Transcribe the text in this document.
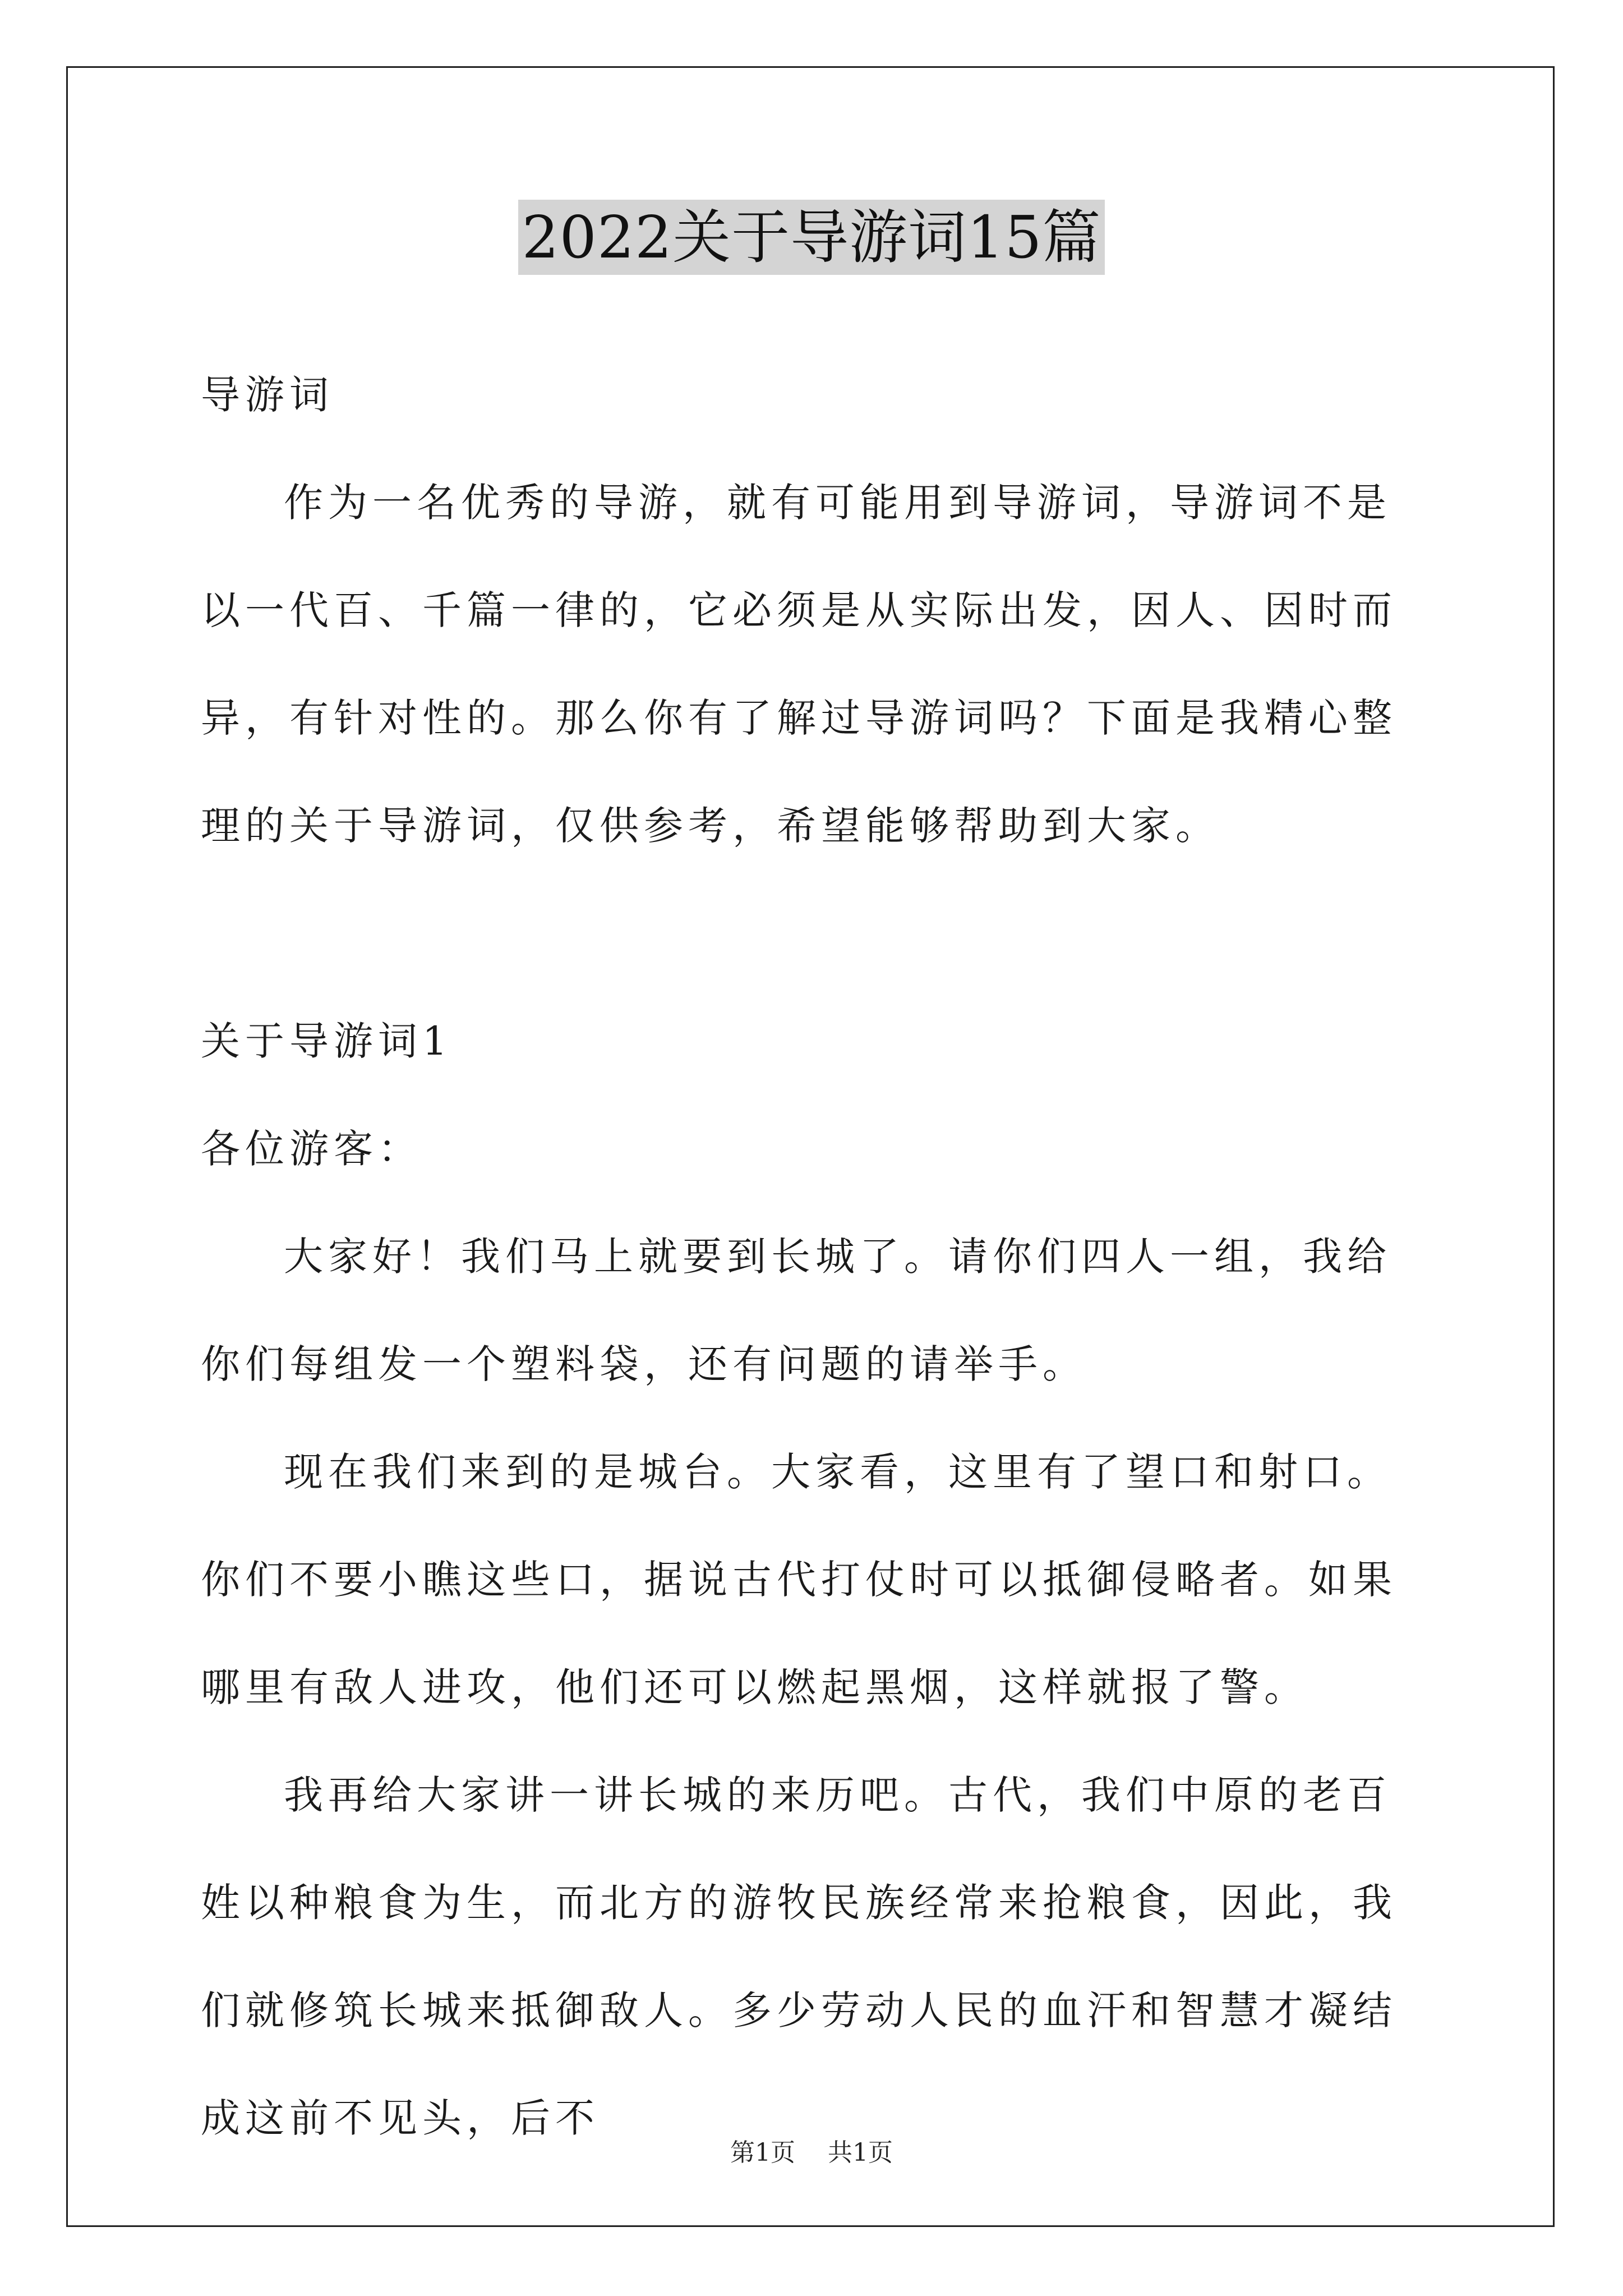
2022关于导游词15篇

导游词

作为一名优秀的导游，就有可能用到导游词，导游词不是以一代百、千篇一律的，它必须是从实际出发，因人、因时而异，有针对性的。那么你有了解过导游词吗？下面是我精心整理的关于导游词，仅供参考，希望能够帮助到大家。

关于导游词1

各位游客：

大家好！我们马上就要到长城了。请你们四人一组，我给你们每组发一个塑料袋，还有问题的请举手。

现在我们来到的是城台。大家看，这里有了望口和射口。你们不要小瞧这些口，据说古代打仗时可以抵御侵略者。如果哪里有敌人进攻，他们还可以燃起黑烟，这样就报了警。

我再给大家讲一讲长城的来历吧。古代，我们中原的老百姓以种粮食为生，而北方的游牧民族经常来抢粮食，因此，我们就修筑长城来抵御敌人。多少劳动人民的血汗和智慧才凝结成这前不见头，后不

第1页 共1页
